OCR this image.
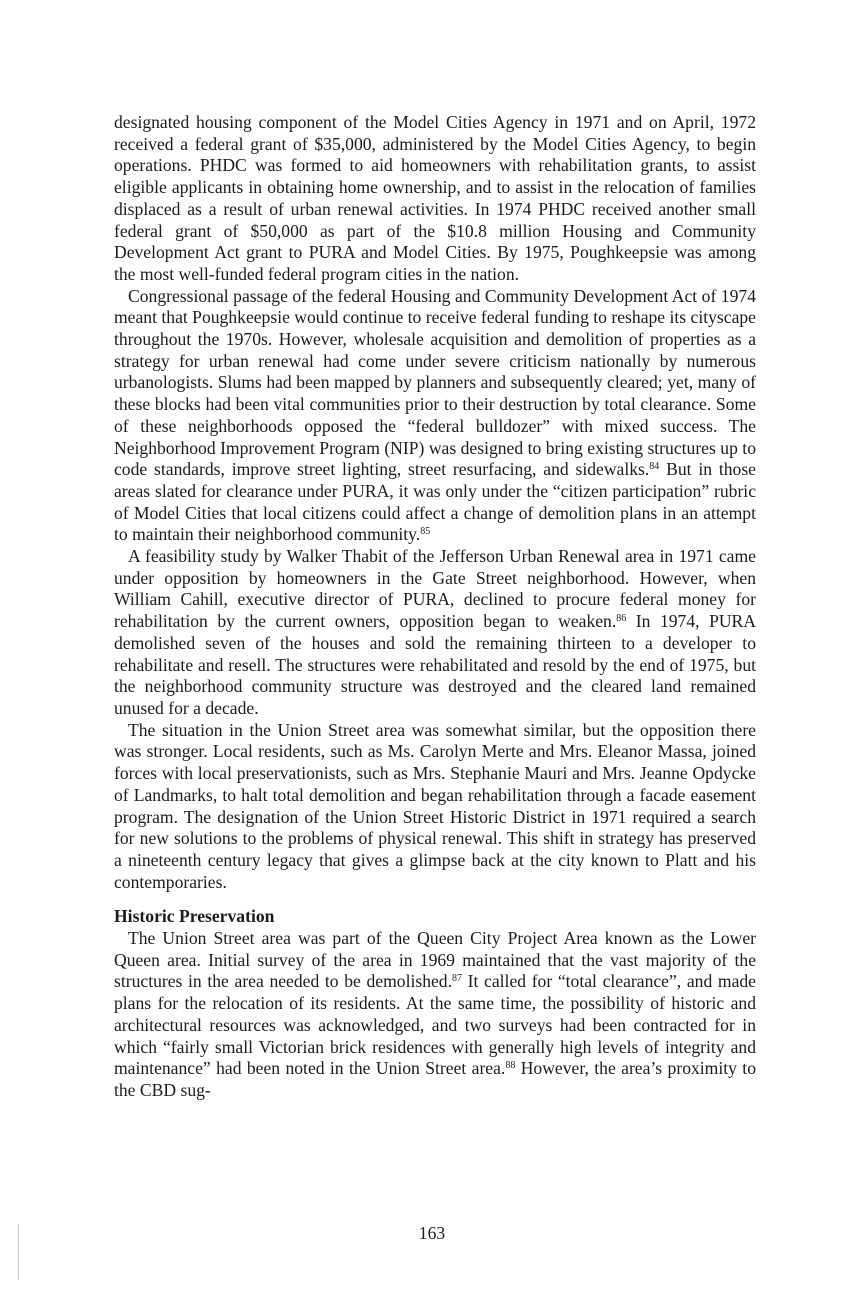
designated housing component of the Model Cities Agency in 1971 and on April, 1972 received a federal grant of $35,000, administered by the Model Cities Agency, to begin operations. PHDC was formed to aid homeowners with rehabilitation grants, to assist eligible applicants in obtaining home ownership, and to assist in the relocation of families displaced as a result of urban renewal activities. In 1974 PHDC received another small federal grant of $50,000 as part of the $10.8 million Housing and Community Development Act grant to PURA and Model Cities. By 1975, Poughkeepsie was among the most well-funded federal program cities in the nation.

Congressional passage of the federal Housing and Community Development Act of 1974 meant that Poughkeepsie would continue to receive federal funding to reshape its cityscape throughout the 1970s. However, wholesale acquisition and demolition of properties as a strategy for urban renewal had come under severe criticism nationally by numerous urbanologists. Slums had been mapped by planners and subsequently cleared; yet, many of these blocks had been vital communities prior to their destruction by total clearance. Some of these neighborhoods opposed the “federal bulldozer” with mixed success. The Neighborhood Improvement Program (NIP) was designed to bring existing structures up to code standards, improve street lighting, street resurfacing, and sidewalks.$^{84}$ But in those areas slated for clearance under PURA, it was only under the “citizen participation” rubric of Model Cities that local citizens could affect a change of demolition plans in an attempt to maintain their neighborhood community.$^{85}$

A feasibility study by Walker Thabit of the Jefferson Urban Renewal area in 1971 came under opposition by homeowners in the Gate Street neighborhood. However, when William Cahill, executive director of PURA, declined to procure federal money for rehabilitation by the current owners, opposition began to weaken.$^{86}$ In 1974, PURA demolished seven of the houses and sold the remaining thirteen to a developer to rehabilitate and resell. The structures were rehabilitated and resold by the end of 1975, but the neighborhood community structure was destroyed and the cleared land remained unused for a decade.

The situation in the Union Street area was somewhat similar, but the opposition there was stronger. Local residents, such as Ms. Carolyn Merte and Mrs. Eleanor Massa, joined forces with local preservationists, such as Mrs. Stephanie Mauri and Mrs. Jeanne Opdycke of Landmarks, to halt total demolition and began rehabilitation through a facade easement program. The designation of the Union Street Historic District in 1971 required a search for new solutions to the problems of physical renewal. This shift in strategy has preserved a nineteenth century legacy that gives a glimpse back at the city known to Platt and his contemporaries.

Historic Preservation

The Union Street area was part of the Queen City Project Area known as the Lower Queen area. Initial survey of the area in 1969 maintained that the vast majority of the structures in the area needed to be demolished.$^{87}$ It called for “total clearance”, and made plans for the relocation of its residents. At the same time, the possibility of historic and architectural resources was acknowledged, and two surveys had been contracted for in which “fairly small Victorian brick residences with generally high levels of integrity and maintenance” had been noted in the Union Street area.$^{88}$ However, the area’s proximity to the CBD sug-

163
